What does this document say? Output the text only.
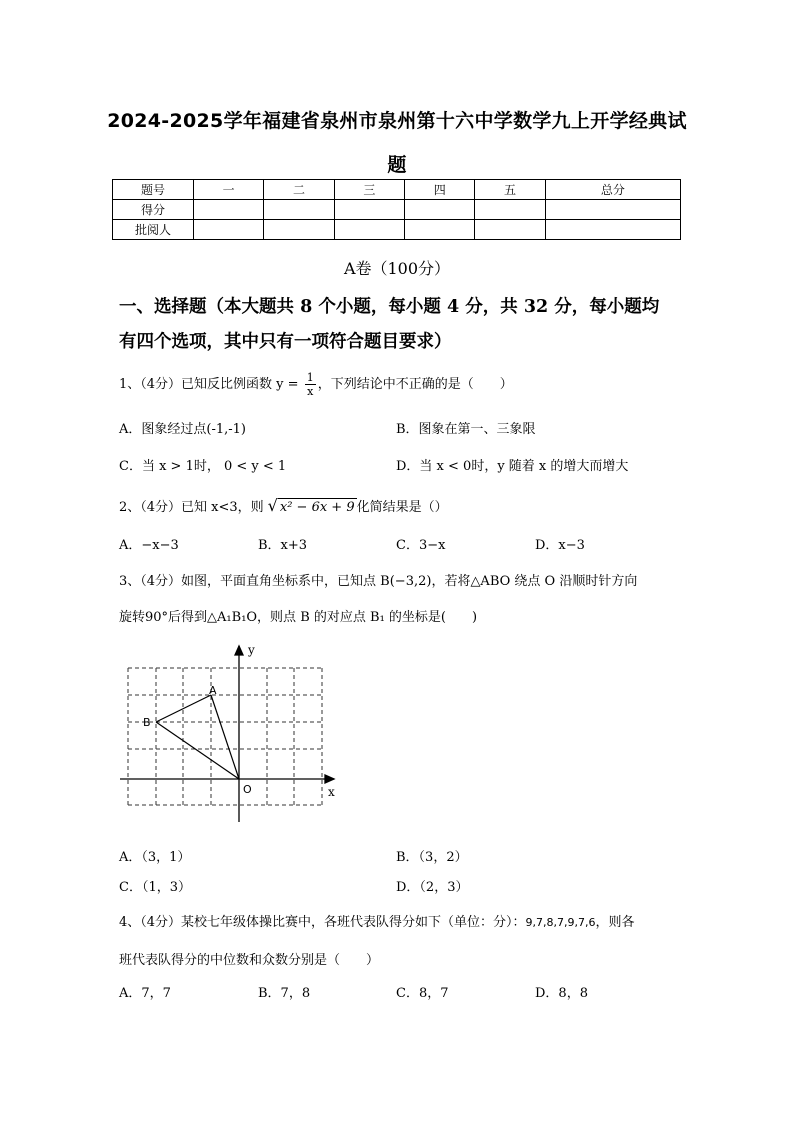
2024-2025学年福建省泉州市泉州第十六中学数学九上开学经典试
题
题号	一	二	三	四	五	总分
得分						
批阅人						
A卷（100分）
一、选择题（本大题共 8 个小题，每小题 4 分，共 32 分，每小题均
有四个选项，其中只有一项符合题目要求）
1、（4分）已知反比例函数 $y = \frac{1}{x}$ ，下列结论中不正确的是（　　）
A．图象经过点(-1,-1)	B．图象在第一、三象限
C．当 x > 1时， 0 < y < 1	D．当 x < 0时，y 随着 x 的增大而增大
2、（4分）已知 x<3，则 √ x² − 6x + 9 化简结果是（）
A．−x−3	B．x+3	C．3−x	D．x−3
3、（4分）如图，平面直角坐标系中，已知点 B(−3,2)，若将△ABO 绕点 O 沿顺时针方向
旋转90°后得到△A₁B₁O，则点 B 的对应点 B₁ 的坐标是(　　)
y
x
O
A
B
A．（3，1）	B．（3，2）
C．（1，3）	D．（2，3）
4、（4分）某校七年级体操比赛中，各班代表队得分如下（单位：分）：9,7,8,7,9,7,6，则各
班代表队得分的中位数和众数分别是（　　）
A．7，7	B．7，8	C．8，7	D．8，8
